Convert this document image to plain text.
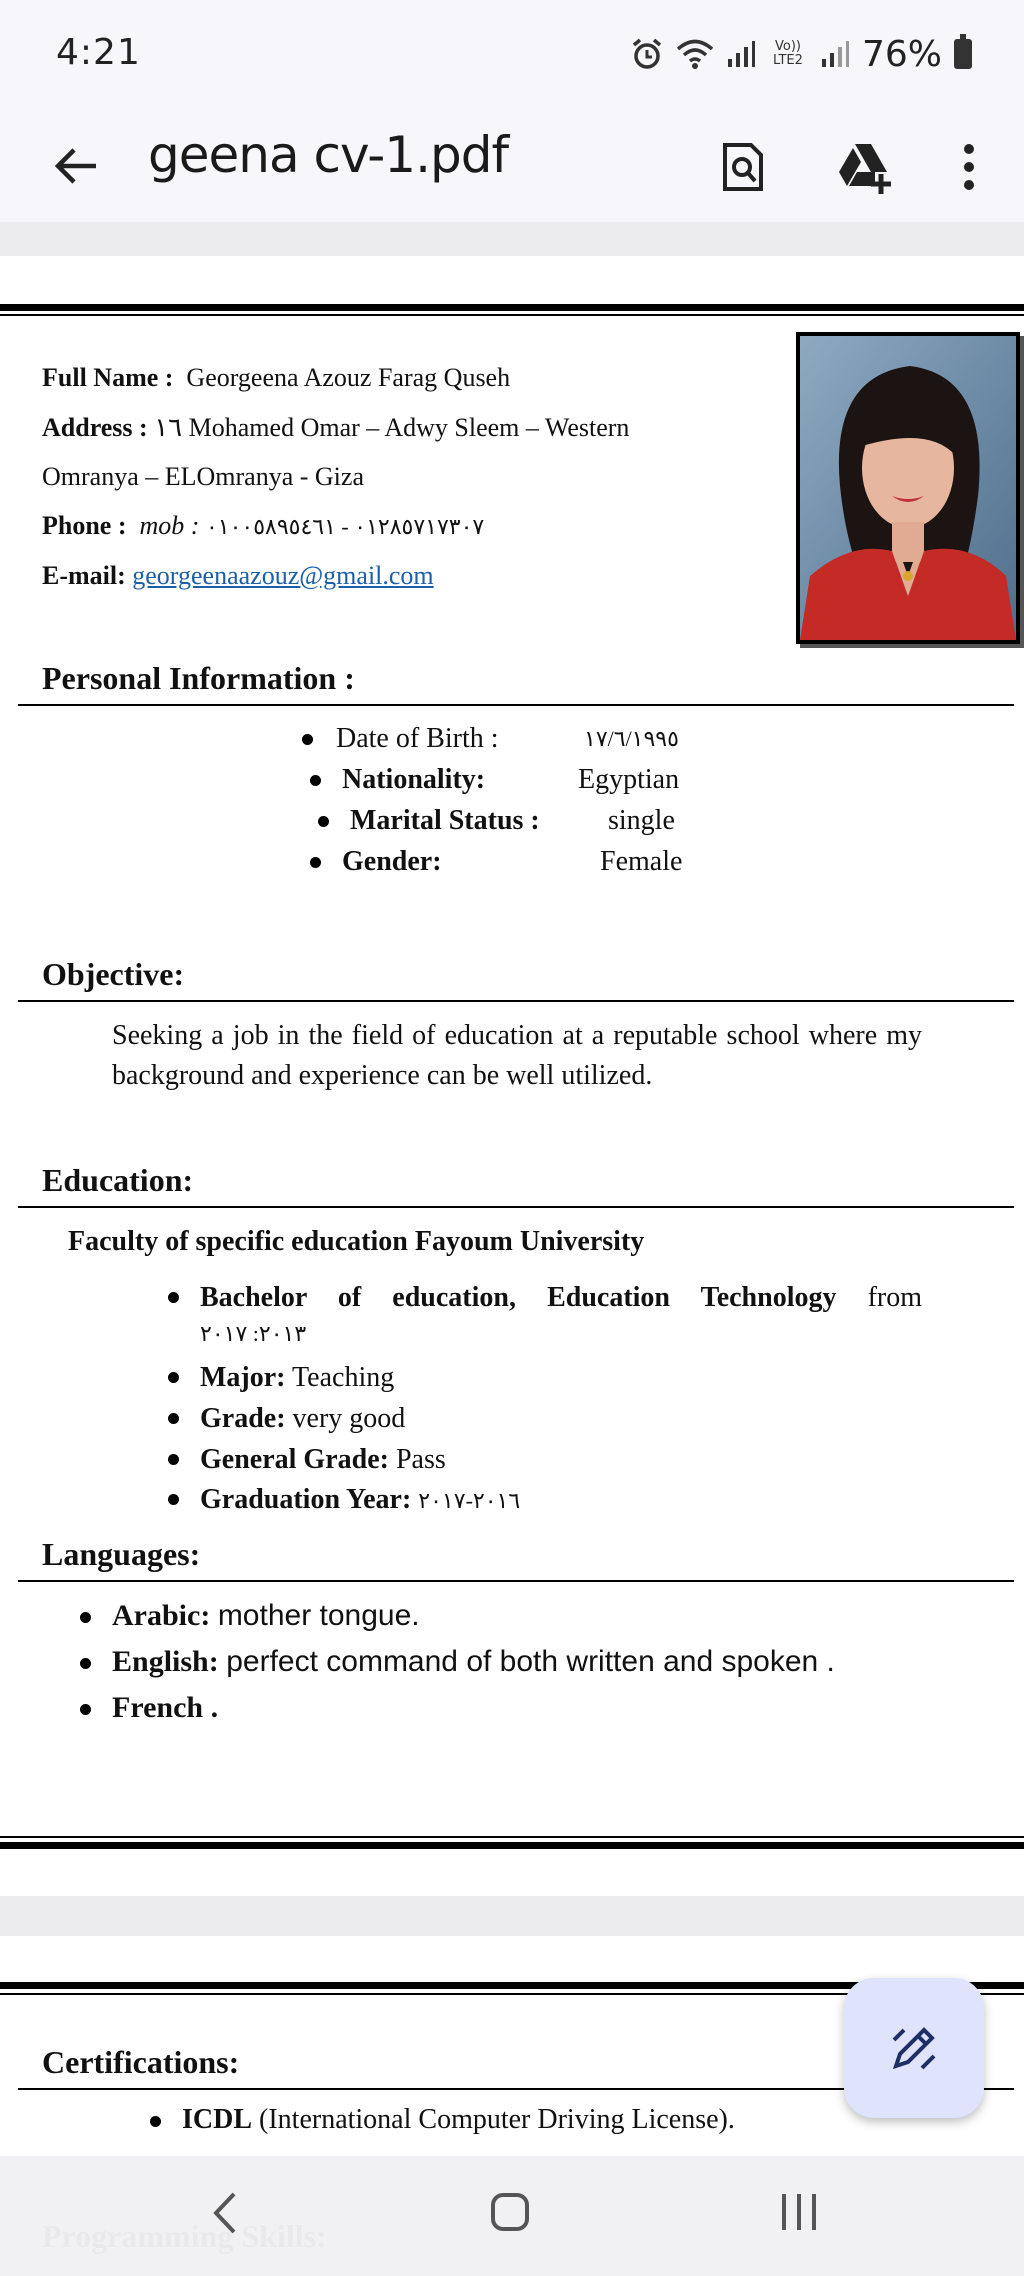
4:21	Vo)) LTE2 76%
geena cv-1.pdf
Full Name : Georgeena Azouz Farag Quseh
Address : ١٦ Mohamed Omar – Adwy Sleem – Western
Omranya – ELOmranya - Giza
Phone : mob : ٠١٢٨٥٧١٧٣٠٧ - ٠١٠٠٥٨٩٥٤٦١
E-mail: georgeenaazouz@gmail.com
Personal Information :
Date of Birth :	١٧/٦/١٩٩٥
Nationality:	Egyptian
Marital Status : single
Gender:	Female
Objective:
Seeking a job in the field of education at a reputable school where my background and experience can be well utilized.
Education:
Faculty of specific education Fayoum University
Bachelor of education, Education Technology from
٢٠١٣: ٢٠١٧
Major: Teaching
Grade: very good
General Grade: Pass
Graduation Year: ٢٠١٦-٢٠١٧
Languages:
Arabic: mother tongue.
English: perfect command of both written and spoken .
French .
Certifications:
ICDL (International Computer Driving License).
